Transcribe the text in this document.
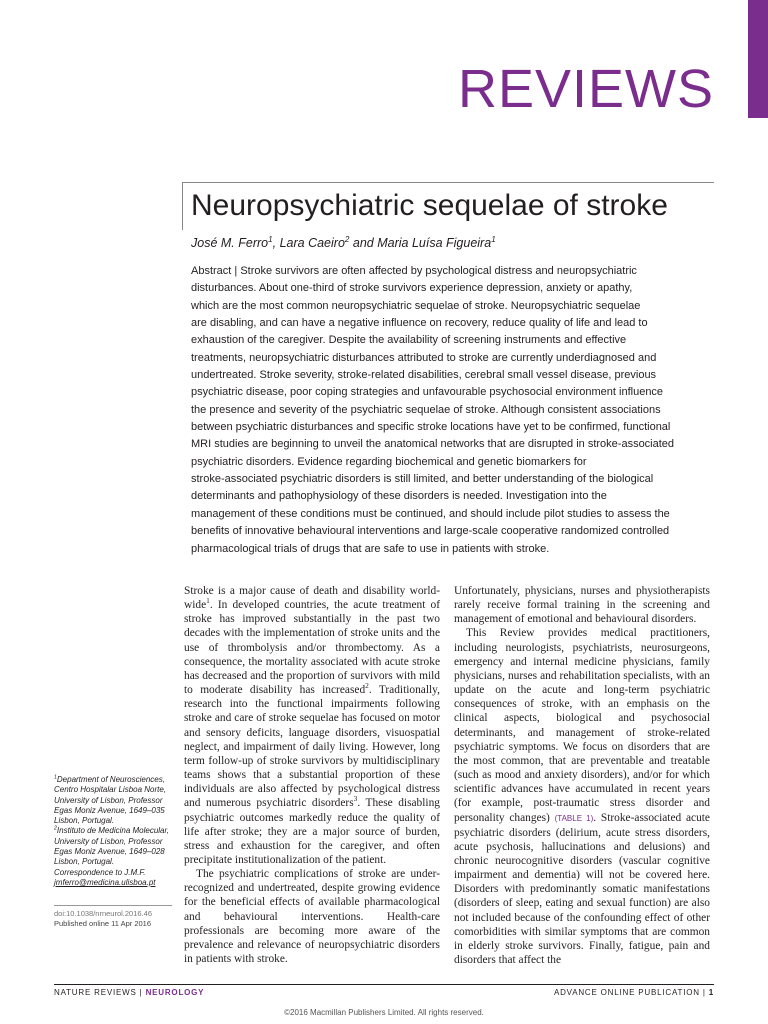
REVIEWS
Neuropsychiatric sequelae of stroke
José M. Ferro$^1$, Lara Caeiro$^2$ and Maria Luísa Figueira$^1$
Abstract | Stroke survivors are often affected by psychological distress and neuropsychiatric
disturbances. About one-third of stroke survivors experience depression, anxiety or apathy,
which are the most common neuropsychiatric sequelae of stroke. Neuropsychiatric sequelae
are disabling, and can have a negative influence on recovery, reduce quality of life and lead to
exhaustion of the caregiver. Despite the availability of screening instruments and effective
treatments, neuropsychiatric disturbances attributed to stroke are currently underdiagnosed and
undertreated. Stroke severity, stroke-related disabilities, cerebral small vessel disease, previous
psychiatric disease, poor coping strategies and unfavourable psychosocial environment influence
the presence and severity of the psychiatric sequelae of stroke. Although consistent associations
between psychiatric disturbances and specific stroke locations have yet to be confirmed, functional
MRI studies are beginning to unveil the anatomical networks that are disrupted in stroke-associated
psychiatric disorders. Evidence regarding biochemical and genetic biomarkers for
stroke-associated psychiatric disorders is still limited, and better understanding of the biological
determinants and pathophysiology of these disorders is needed. Investigation into the
management of these conditions must be continued, and should include pilot studies to assess the
benefits of innovative behavioural interventions and large-scale cooperative randomized controlled
pharmacological trials of drugs that are safe to use in patients with stroke.

Stroke is a major cause of death and disability world-wide$^1$. In developed countries, the acute treatment of stroke has improved substantially in the past two decades with the implementation of stroke units and the use of thrombolysis and/or thrombectomy. As a consequence, the mortality associated with acute stroke has decreased and the proportion of survivors with mild to moderate disability has increased$^2$. Traditionally, research into the functional impairments following stroke and care of stroke sequelae has focused on motor and sensory deficits, language disorders, visuospatial neglect, and impairment of daily living. However, long term follow-up of stroke survivors by multidisciplinary teams shows that a substantial proportion of these individuals are also affected by psychological distress and numerous psychiatric disorders$^3$. These disabling psychiatric outcomes markedly reduce the quality of life after stroke; they are a major source of burden, stress and exhaustion for the caregiver, and often precipitate institutionalization of the patient.

The psychiatric complications of stroke are under-recognized and undertreated, despite growing evidence for the beneficial effects of available pharmacological and behavioural interventions. Health-care professionals are becoming more aware of the prevalence and relevance of neuropsychiatric disorders in patients with stroke.

Unfortunately, physicians, nurses and physiotherapists rarely receive formal training in the screening and management of emotional and behavioural disorders.

This Review provides medical practitioners, including neurologists, psychiatrists, neurosurgeons, emergency and internal medicine physicians, family physicians, nurses and rehabilitation specialists, with an update on the acute and long-term psychiatric consequences of stroke, with an emphasis on the clinical aspects, biological and psychosocial determinants, and management of stroke-related psychiatric symptoms. We focus on disorders that are the most common, that are preventable and treatable (such as mood and anxiety disorders), and/or for which scientific advances have accumulated in recent years (for example, post-traumatic stress disorder and personality changes) (TABLE 1). Stroke-associated acute psychiatric disorders (delirium, acute stress disorders, acute psychosis, hallucinations and delusions) and chronic neurocognitive disorders (vascular cognitive impairment and dementia) will not be covered here. Disorders with predominantly somatic manifestations (disorders of sleep, eating and sexual function) are also not included because of the confounding effect of other comorbidities with similar symptoms that are common in elderly stroke survivors. Finally, fatigue, pain and disorders that affect the

$^1$Department of Neurosciences, Centro Hospitalar Lisboa Norte, University of Lisbon, Professor Egas Moniz Avenue, 1649–035 Lisbon, Portugal.
$^2$Instituto de Medicina Molecular, University of Lisbon, Professor Egas Moniz Avenue, 1649–028 Lisbon, Portugal.
Correspondence to J.M.F.
jmferro@medicina.ulisboa.pt
doi:10.1038/nrneurol.2016.46
Published online 11 Apr 2016
NATURE REVIEWS | NEUROLOGY	ADVANCE ONLINE PUBLICATION | 1
©2016 Macmillan Publishers Limited. All rights reserved.
